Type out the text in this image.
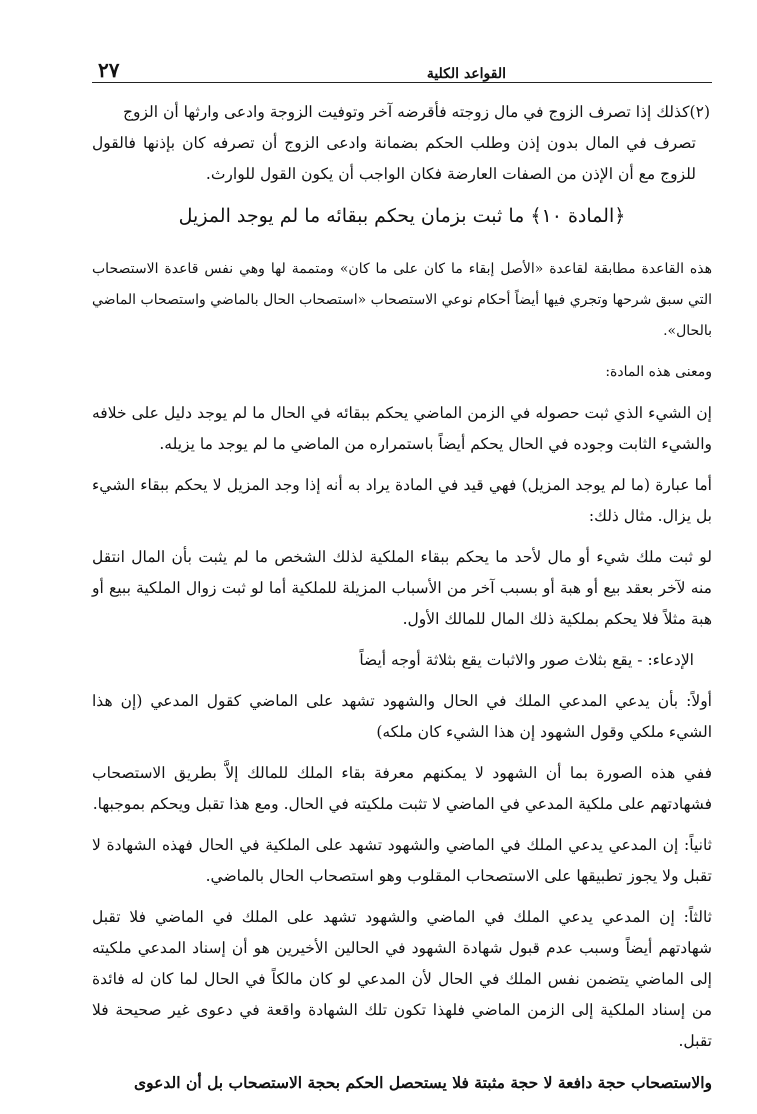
القواعد الكلية
٢٧
(٢)كذلك إذا تصرف الزوج في مال زوجته فأقرضه آخر وتوفيت الزوجة وادعى وارثها أن الزوج
تصرف في المال بدون إذن وطلب الحكم بضمانة وادعى الزوج أن تصرفه كان بإذنها فالقول للزوج مع أن الإذن من الصفات العارضة فكان الواجب أن يكون القول للوارث.
﴿المادة ١٠﴾ ما ثبت بزمان يحكم ببقائه ما لم يوجد المزيل

هذه القاعدة مطابقة لقاعدة «الأصل إبقاء ما كان على ما كان» ومتممة لها وهي نفس قاعدة الاستصحاب التي سبق شرحها وتجري فيها أيضاً أحكام نوعي الاستصحاب «استصحاب الحال بالماضي واستصحاب الماضي بالحال».

ومعنى هذه المادة:

إن الشيء الذي ثبت حصوله في الزمن الماضي يحكم ببقائه في الحال ما لم يوجد دليل على خلافه والشيء الثابت وجوده في الحال يحكم أيضاً باستمراره من الماضي ما لم يوجد ما يزيله.

أما عبارة (ما لم يوجد المزيل) فهي قيد في المادة يراد به أنه إذا وجد المزيل لا يحكم ببقاء الشيء بل يزال. مثال ذلك:

لو ثبت ملك شيء أو مال لأحد ما يحكم ببقاء الملكية لذلك الشخص ما لم يثبت بأن المال انتقل منه لآخر بعقد بيع أو هبة أو بسبب آخر من الأسباب المزيلة للملكية أما لو ثبت زوال الملكية ببيع أو هبة مثلاً فلا يحكم بملكية ذلك المال للمالك الأول.

الإدعاء: - يقع بثلاث صور والاثبات يقع بثلاثة أوجه أيضاً

أولاً: بأن يدعي المدعي الملك في الحال والشهود تشهد على الماضي كقول المدعي (إن هذا الشيء ملكي وقول الشهود إن هذا الشيء كان ملكه)

ففي هذه الصورة بما أن الشهود لا يمكنهم معرفة بقاء الملك للمالك إلاَّ بطريق الاستصحاب فشهادتهم على ملكية المدعي في الماضي لا تثبت ملكيته في الحال. ومع هذا تقبل ويحكم بموجبها.

ثانياً: إن المدعي يدعي الملك في الماضي والشهود تشهد على الملكية في الحال فهذه الشهادة لا تقبل ولا يجوز تطبيقها على الاستصحاب المقلوب وهو استصحاب الحال بالماضي.

ثالثاً: إن المدعي يدعي الملك في الماضي والشهود تشهد على الملك في الماضي فلا تقبل شهادتهم أيضاً وسبب عدم قبول شهادة الشهود في الحالين الأخيرين هو أن إسناد المدعي ملكيته إلى الماضي يتضمن نفس الملك في الحال لأن المدعي لو كان مالكاً في الحال لما كان له فائدة من إسناد الملكية إلى الزمن الماضي فلهذا تكون تلك الشهادة واقعة في دعوى غير صحيحة فلا تقبل.

والاستصحاب حجة دافعة لا حجة مثبتة فلا يستحصل الحكم بحجة الاستصحاب بل أن الدعوى
